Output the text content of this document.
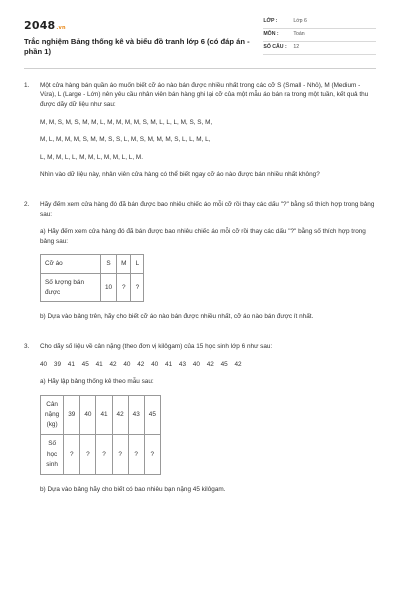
2048.vn
Trắc nghiệm Bảng thống kê và biểu đồ tranh lớp 6 (có đáp án - phần 1)
LỚP :	Lớp 6
MÔN :	Toán
SỐ CÂU :	12
1.	Một cửa hàng bán quần áo muốn biết cỡ áo nào bán được nhiều nhất trong các cỡ S (Small - Nhỏ), M (Medium - Vừa), L (Large - Lớn) nên yêu cầu nhân viên bán hàng ghi lại cỡ của một mẫu áo bán ra trong một tuần, kết quả thu được dãy dữ liệu như sau:

M, M, S, M, S, M, M, L, M, M, M, M, S, M, L, L, L, M, S, S, M,

M, L, M, M, M, S, M, M, S, S, L, M, S, M, M, M, S, L, L, M, L,

L, M, M, L, L, M, M, L, M, M, L, L, M.

Nhìn vào dữ liệu này, nhân viên cửa hàng có thể biết ngay cỡ áo nào được bán nhiều nhất không?

2.	Hãy đếm xem cửa hàng đó đã bán được bao nhiêu chiếc áo mỗi cỡ rồi thay các dấu "?" bằng số thích hợp trong bảng sau:

a) Hãy đếm xem cửa hàng đó đã bán được bao nhiêu chiếc áo mỗi cỡ rồi thay các dấu "?" bằng số thích hợp trong bảng sau:

Cỡ áo	S	M	L
Số lượng bán được	10	?	?

b) Dựa vào bảng trên, hãy cho biết cỡ áo nào bán được nhiều nhất, cỡ áo nào bán được ít nhất.

3.	Cho dãy số liệu về cân nặng (theo đơn vị kilôgam) của 15 học sinh lớp 6 như sau:

40 39 41 45 41 42 40 42 40 41 43 40 42 45 42

a) Hãy lập bảng thống kê theo mẫu sau:

Cân nặng (kg)	39	40	41	42	43	45
Số học sinh	?	?	?	?	?	?

b) Dựa vào bảng hãy cho biết có bao nhiêu bạn nặng 45 kilôgam.
